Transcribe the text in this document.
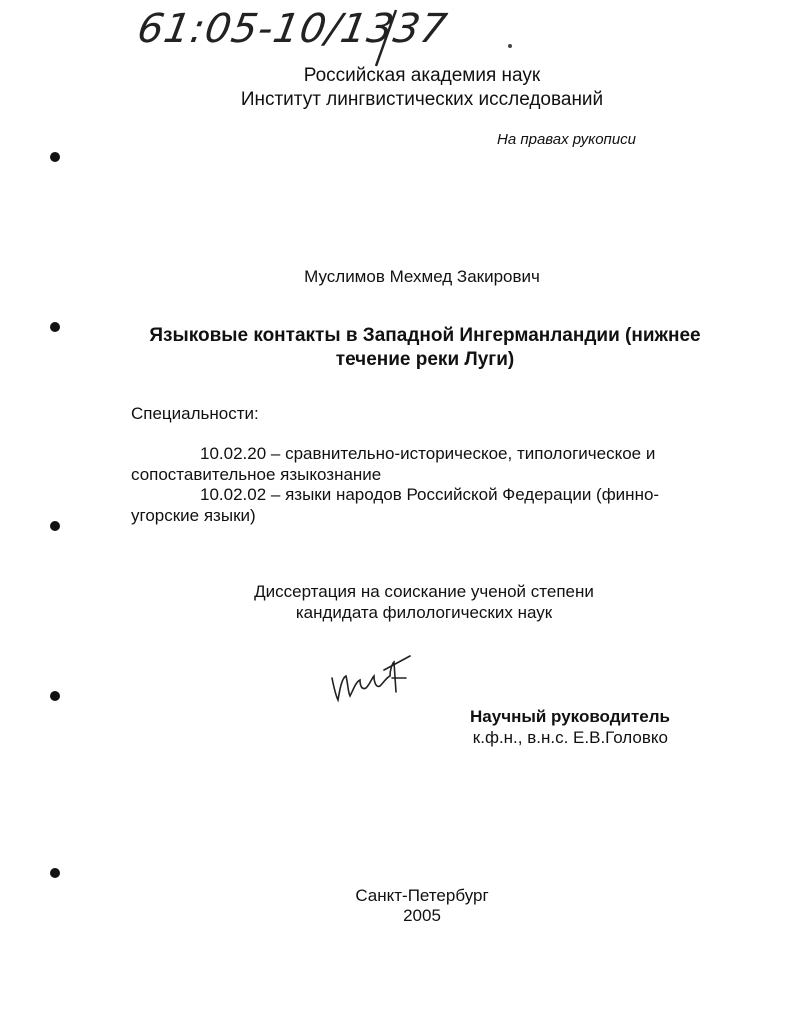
61:05-10/1337
Российская академия наук
Институт лингвистических исследований
На правах рукописи
Муслимов Мехмед Закирович
Языковые контакты в Западной Ингерманландии (нижнее течение реки Луги)
Специальности:
10.02.20 – сравнительно-историческое, типологическое и сопоставительное языкознание
10.02.02 – языки народов Российской Федерации (финно-угорские языки)
Диссертация на соискание ученой степени
кандидата филологических наук
Научный руководитель
к.ф.н., в.н.с. Е.В.Головко
Санкт-Петербург
2005
